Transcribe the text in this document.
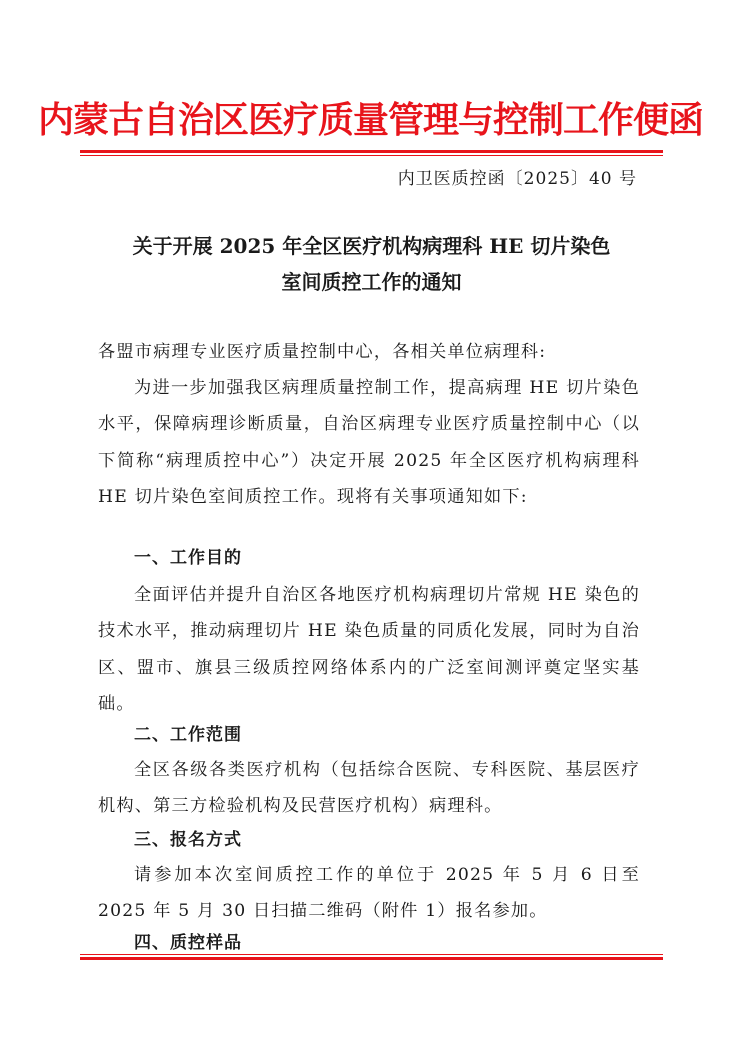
内蒙古自治区医疗质量管理与控制工作便函
内卫医质控函〔2025〕40 号
关于开展 2025 年全区医疗机构病理科 HE 切片染色
室间质控工作的通知
各盟市病理专业医疗质量控制中心，各相关单位病理科:
为进一步加强我区病理质量控制工作，提高病理 HE 切片染色水平，保障病理诊断质量，自治区病理专业医疗质量控制中心（以下简称“病理质控中心”）决定开展 2025 年全区医疗机构病理科 HE 切片染色室间质控工作。现将有关事项通知如下:
一、工作目的
全面评估并提升自治区各地医疗机构病理切片常规 HE 染色的技术水平，推动病理切片 HE 染色质量的同质化发展，同时为自治区、盟市、旗县三级质控网络体系内的广泛室间测评奠定坚实基础。
二、工作范围
全区各级各类医疗机构（包括综合医院、专科医院、基层医疗机构、第三方检验机构及民营医疗机构）病理科。
三、报名方式
请参加本次室间质控工作的单位于 2025 年 5 月 6 日至 2025 年 5 月 30 日扫描二维码（附件 1）报名参加。
四、质控样品
